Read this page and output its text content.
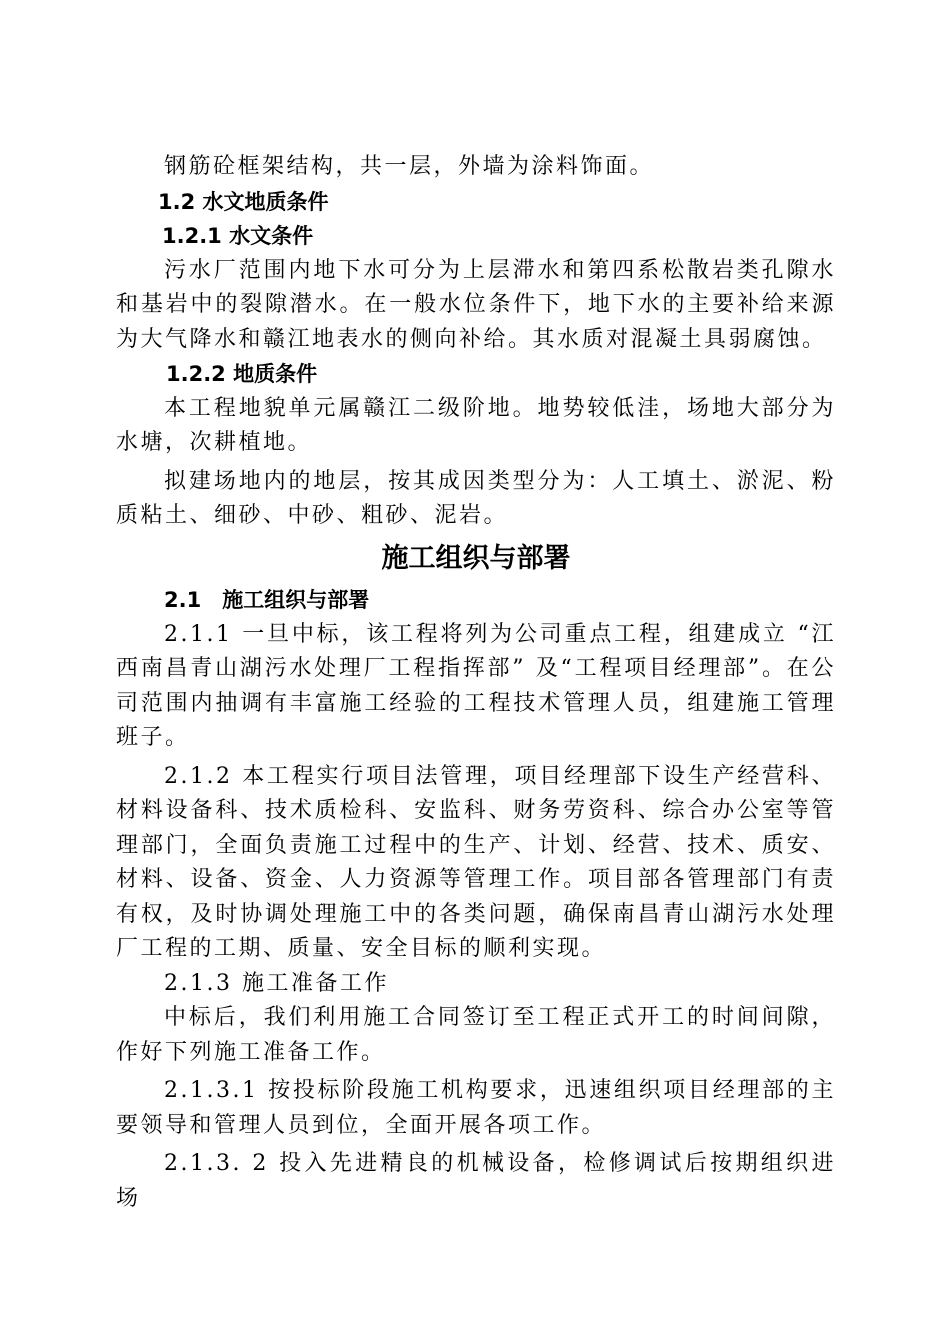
钢筋砼框架结构，共一层，外墙为涂料饰面。

1.2 水文地质条件

1.2.1 水文条件

污水厂范围内地下水可分为上层滞水和第四系松散岩类孔隙水和基岩中的裂隙潜水。在一般水位条件下，地下水的主要补给来源为大气降水和赣江地表水的侧向补给。其水质对混凝土具弱腐蚀。

1.2.2 地质条件

本工程地貌单元属赣江二级阶地。地势较低洼，场地大部分为水塘，次耕植地。

拟建场地内的地层，按其成因类型分为：人工填土、淤泥、粉质粘土、细砂、中砂、粗砂、泥岩。

施工组织与部署

2.1　施工组织与部署

2.1.1 一旦中标，该工程将列为公司重点工程，组建成立 “江西南昌青山湖污水处理厂工程指挥部” 及“工程项目经理部”。在公司范围内抽调有丰富施工经验的工程技术管理人员，组建施工管理班子。

2.1.2 本工程实行项目法管理，项目经理部下设生产经营科、材料设备科、技术质检科、安监科、财务劳资科、综合办公室等管理部门，全面负责施工过程中的生产、计划、经营、技术、质安、材料、设备、资金、人力资源等管理工作。项目部各管理部门有责有权，及时协调处理施工中的各类问题，确保南昌青山湖污水处理厂工程的工期、质量、安全目标的顺利实现。

2.1.3 施工准备工作

中标后，我们利用施工合同签订至工程正式开工的时间间隙，作好下列施工准备工作。

2.1.3.1 按投标阶段施工机构要求，迅速组织项目经理部的主要领导和管理人员到位，全面开展各项工作。

2.1.3. 2 投入先进精良的机械设备，检修调试后按期组织进场
